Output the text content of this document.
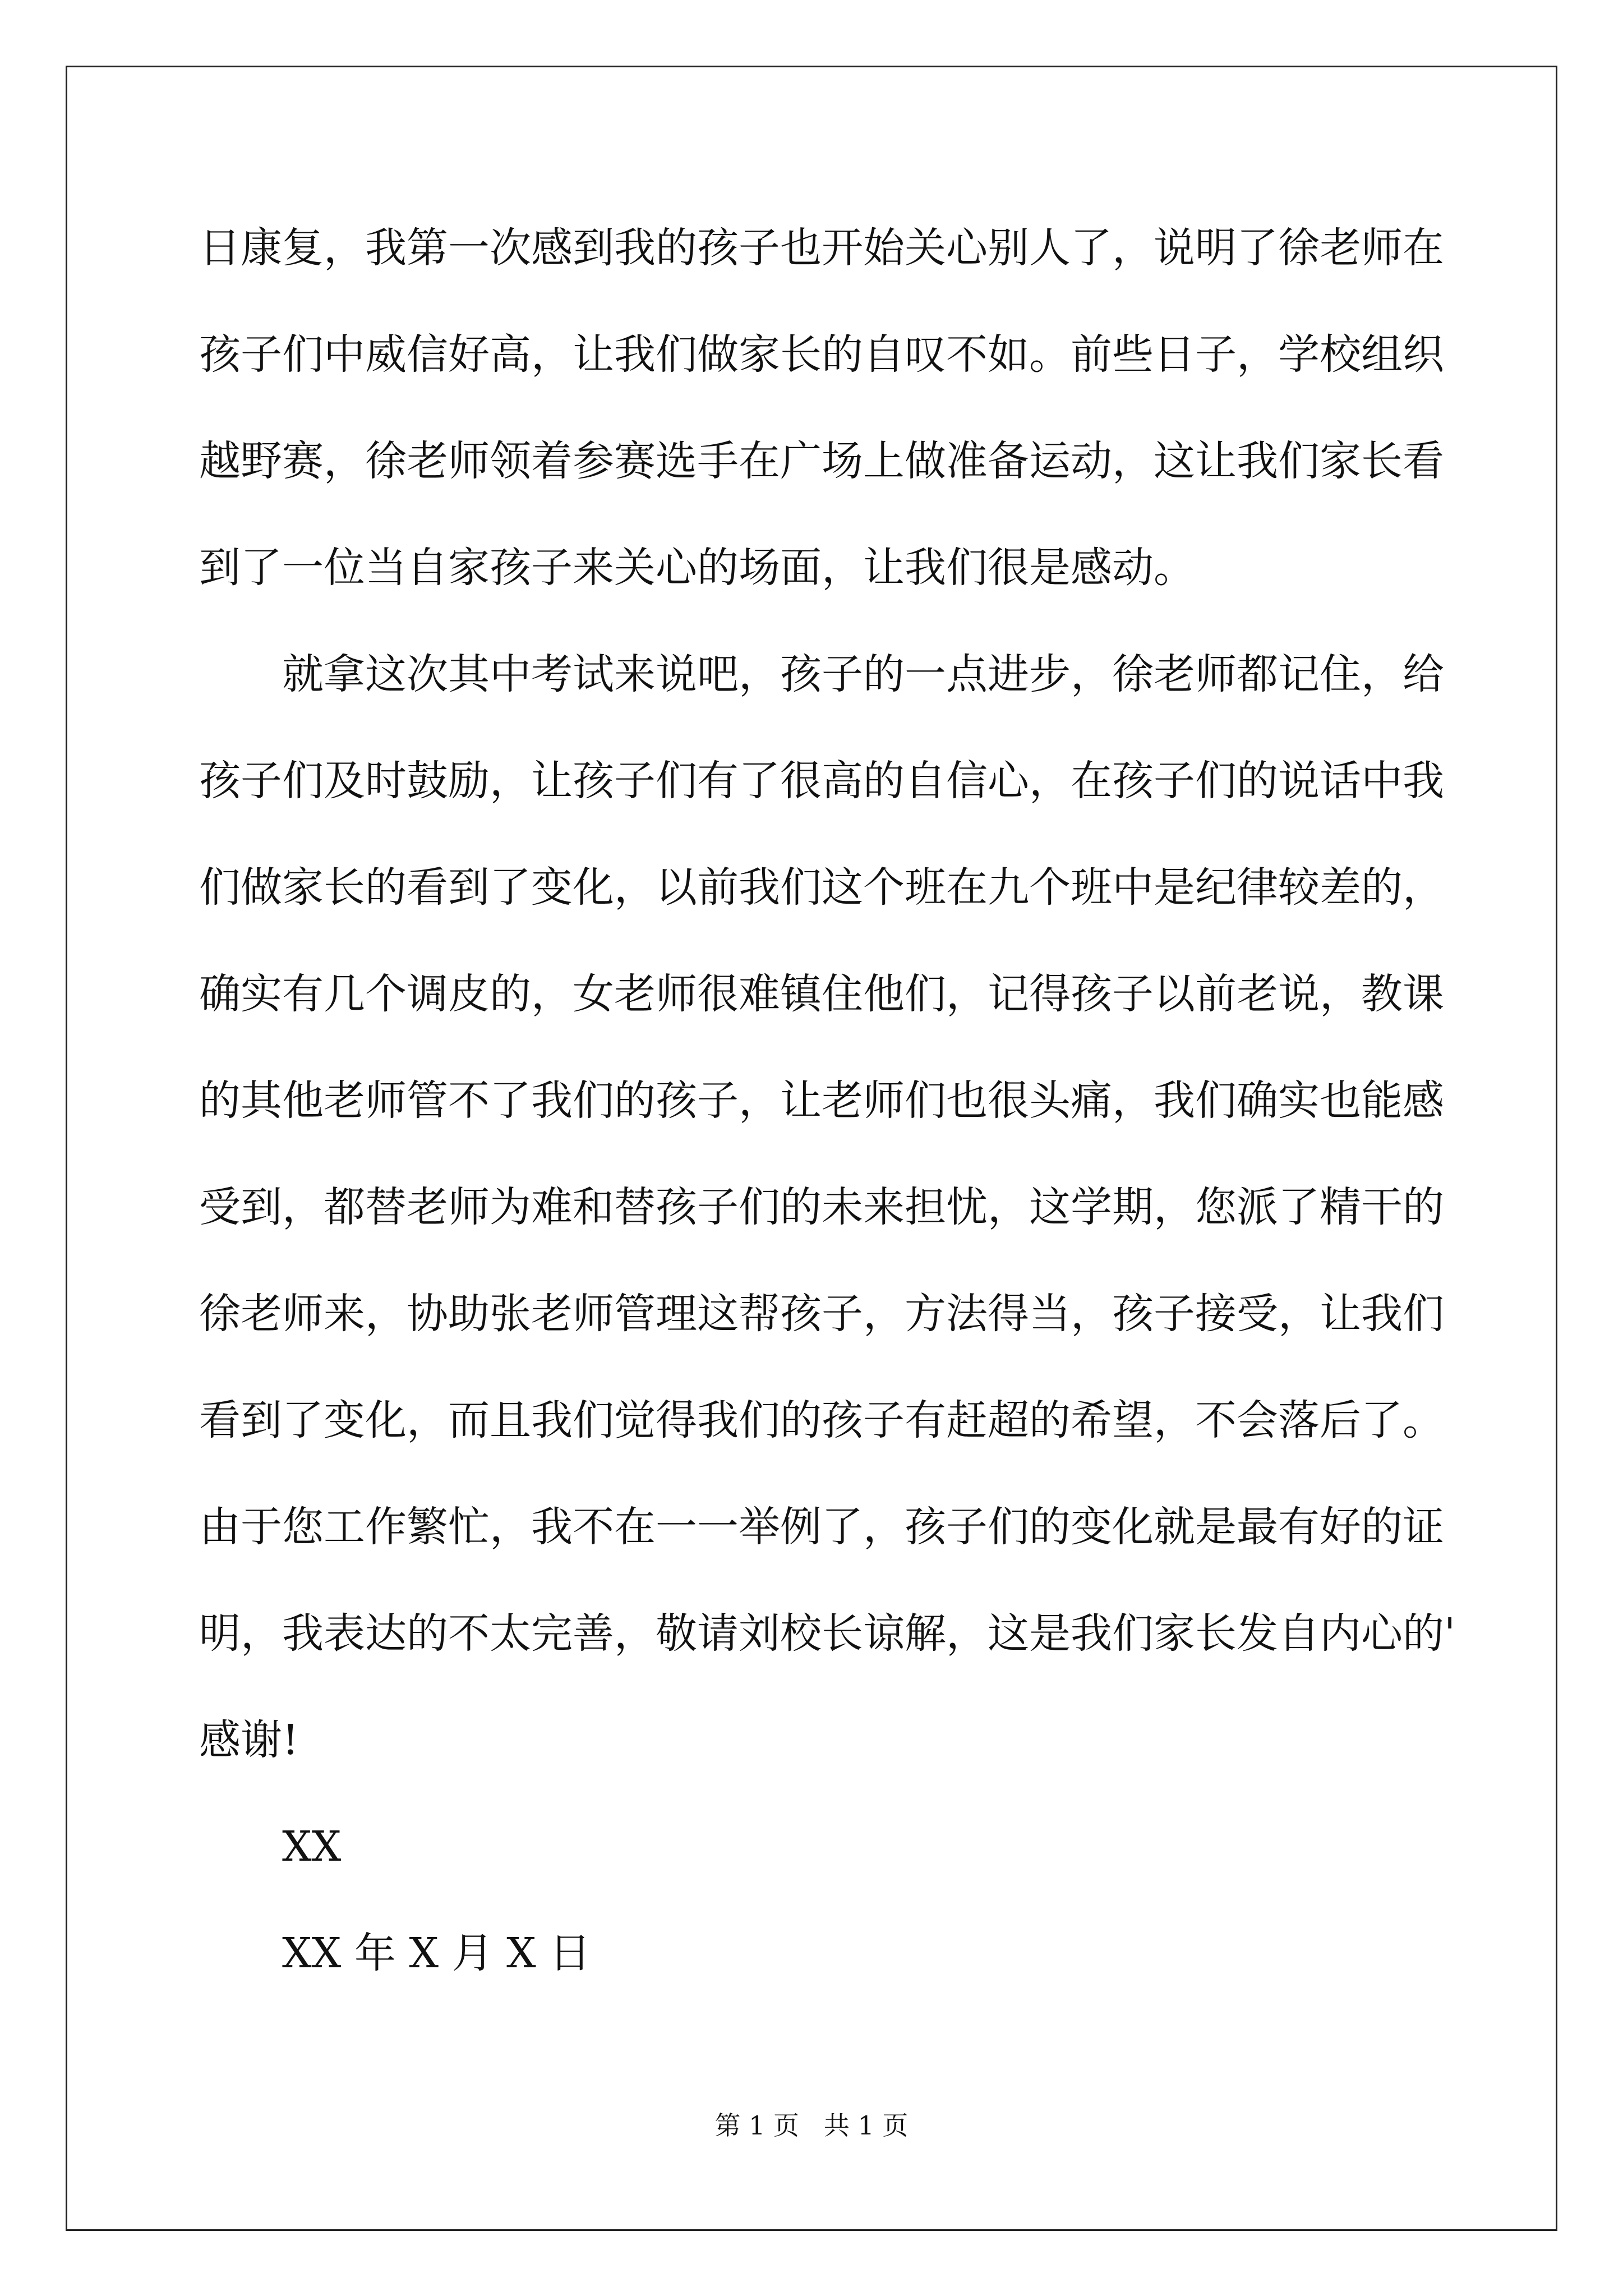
日康复，我第一次感到我的孩子也开始关心别人了，说明了徐老师在
孩子们中威信好高，让我们做家长的自叹不如。前些日子，学校组织
越野赛，徐老师领着参赛选手在广场上做准备运动，这让我们家长看
到了一位当自家孩子来关心的场面，让我们很是感动。
　　就拿这次其中考试来说吧，孩子的一点进步，徐老师都记住，给
孩子们及时鼓励，让孩子们有了很高的自信心，在孩子们的说话中我
们做家长的看到了变化，以前我们这个班在九个班中是纪律较差的，
确实有几个调皮的，女老师很难镇住他们，记得孩子以前老说，教课
的其他老师管不了我们的孩子，让老师们也很头痛，我们确实也能感
受到，都替老师为难和替孩子们的未来担忧，这学期，您派了精干的
徐老师来，协助张老师管理这帮孩子，方法得当，孩子接受，让我们
看到了变化，而且我们觉得我们的孩子有赶超的希望，不会落后了。
由于您工作繁忙，我不在一一举例了，孩子们的变化就是最有好的证
明，我表达的不太完善，敬请刘校长谅解，这是我们家长发自内心的'
感谢!
　　XX
　　XX 年 X 月 X 日
第 1 页   共 1 页
